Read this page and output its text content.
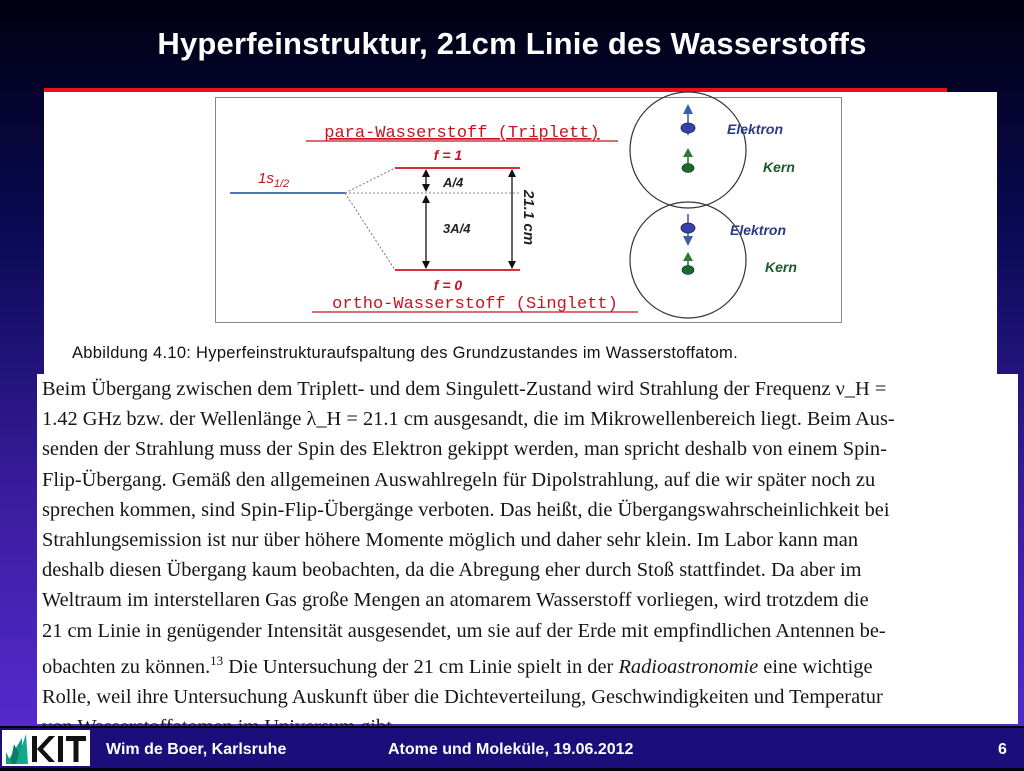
Hyperfeinstruktur, 21cm Linie des Wasserstoffs
para-Wasserstoff (Triplett)
ortho-Wasserstoff (Singlett)
$1s_{1/2}$
f = 1
f = 0
A/4
3A/4	21.1 cm
Elektron
Kern
Elektron
Kern
Abbildung 4.10: Hyperfeinstrukturaufspaltung des Grundzustandes im Wasserstoffatom.
Beim Übergang zwischen dem Triplett- und dem Singulett-Zustand wird Strahlung der Frequenz ν_H =
1.42 GHz bzw. der Wellenlänge λ_H = 21.1 cm ausgesandt, die im Mikrowellenbereich liegt. Beim Aus-
senden der Strahlung muss der Spin des Elektron gekippt werden, man spricht deshalb von einem Spin-
Flip-Übergang. Gemäß den allgemeinen Auswahlregeln für Dipolstrahlung, auf die wir später noch zu
sprechen kommen, sind Spin-Flip-Übergänge verboten. Das heißt, die Übergangswahrscheinlichkeit bei
Strahlungsemission ist nur über höhere Momente möglich und daher sehr klein. Im Labor kann man
deshalb diesen Übergang kaum beobachten, da die Abregung eher durch Stoß stattfindet. Da aber im
Weltraum im interstellaren Gas große Mengen an atomarem Wasserstoff vorliegen, wird trotzdem die
21 cm Linie in genügender Intensität ausgesendet, um sie auf der Erde mit empfindlichen Antennen be-
obachten zu können.$^{13}$ Die Untersuchung der 21 cm Linie spielt in der Radioastronomie eine wichtige
Rolle, weil ihre Untersuchung Auskunft über die Dichteverteilung, Geschwindigkeiten und Temperatur
Wim de Boer, Karlsruhe	Atome und Moleküle, 19.06.2012	6
